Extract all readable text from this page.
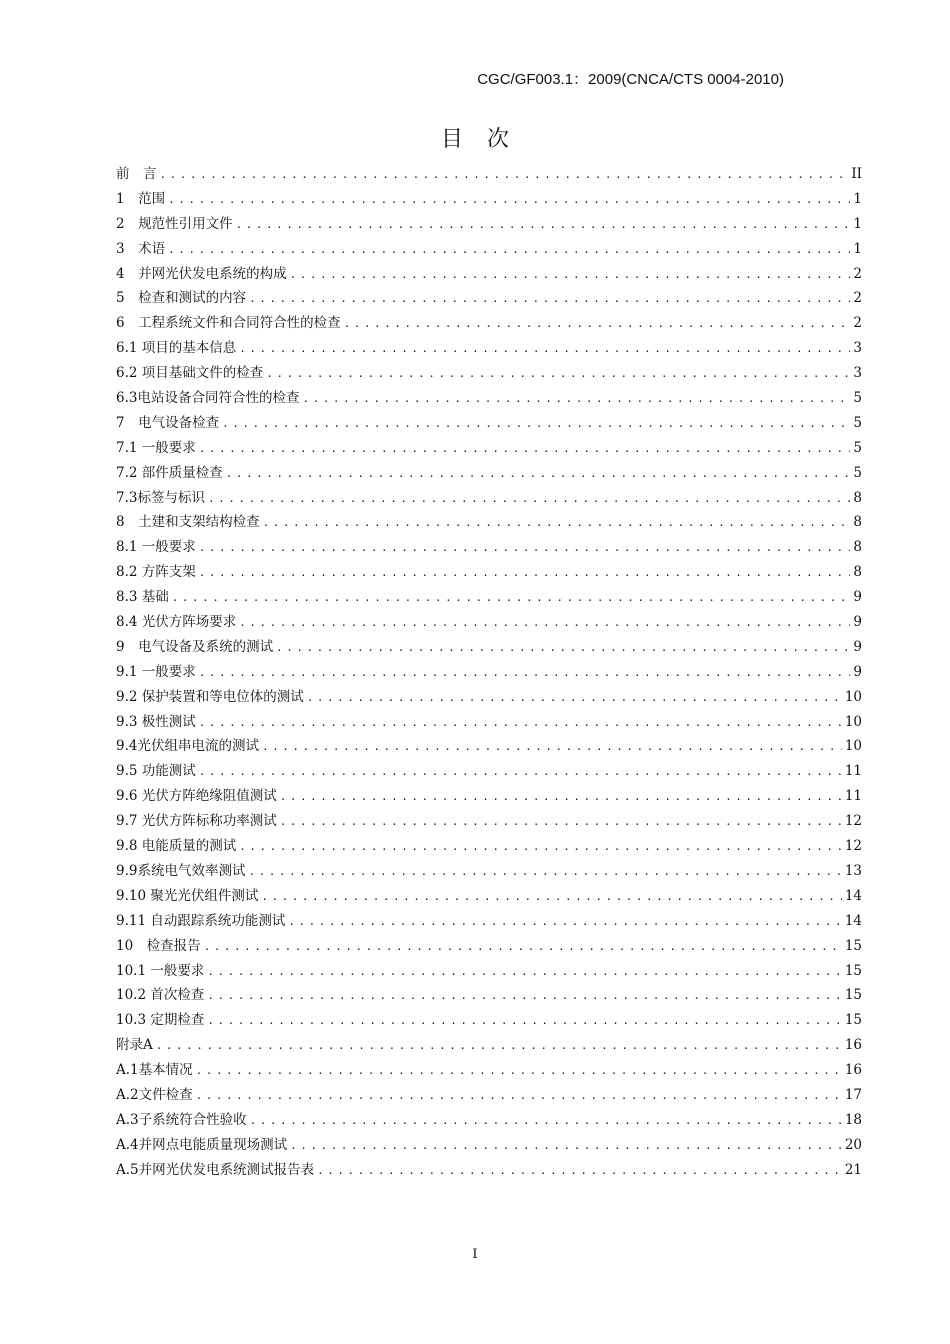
CGC/GF003.1：2009(CNCA/CTS 0004-2010)
目次
前　言 .....	II
1　范围 .....	1
2　规范性引用文件 .....	1
3　术语 .....	1
4　并网光伏发电系统的构成 .....	2
5　检查和测试的内容 .....	2
6　工程系统文件和合同符合性的检查 .....	2
6.1 项目的基本信息 .....	3
6.2 项目基础文件的检查 .....	3
6.3电站设备合同符合性的检查 .....	5
7　电气设备检查 .....	5
7.1 一般要求 .....	5
7.2 部件质量检查 .....	5
7.3标签与标识 .....	8
8　土建和支架结构检查 .....	8
8.1 一般要求 .....	8
8.2 方阵支架 .....	8
8.3 基础 .....	9
8.4 光伏方阵场要求 .....	9
9　电气设备及系统的测试 .....	9
9.1 一般要求 .....	9
9.2 保护装置和等电位体的测试 .....	10
9.3 极性测试 .....	10
9.4光伏组串电流的测试 .....	10
9.5 功能测试 .....	11
9.6 光伏方阵绝缘阻值测试 .....	11
9.7 光伏方阵标称功率测试 .....	12
9.8 电能质量的测试 .....	12
9.9系统电气效率测试 .....	13
9.10 聚光光伏组件测试 .....	14
9.11 自动跟踪系统功能测试 .....	14
10　检查报告 .....	15
10.1 一般要求 .....	15
10.2 首次检查 .....	15
10.3 定期检查 .....	15
附录A .....	16
A.1基本情况 .....	16
A.2文件检查 .....	17
A.3子系统符合性验收 .....	18
A.4并网点电能质量现场测试 .....	20
A.5并网光伏发电系统测试报告表 .....	21
I
